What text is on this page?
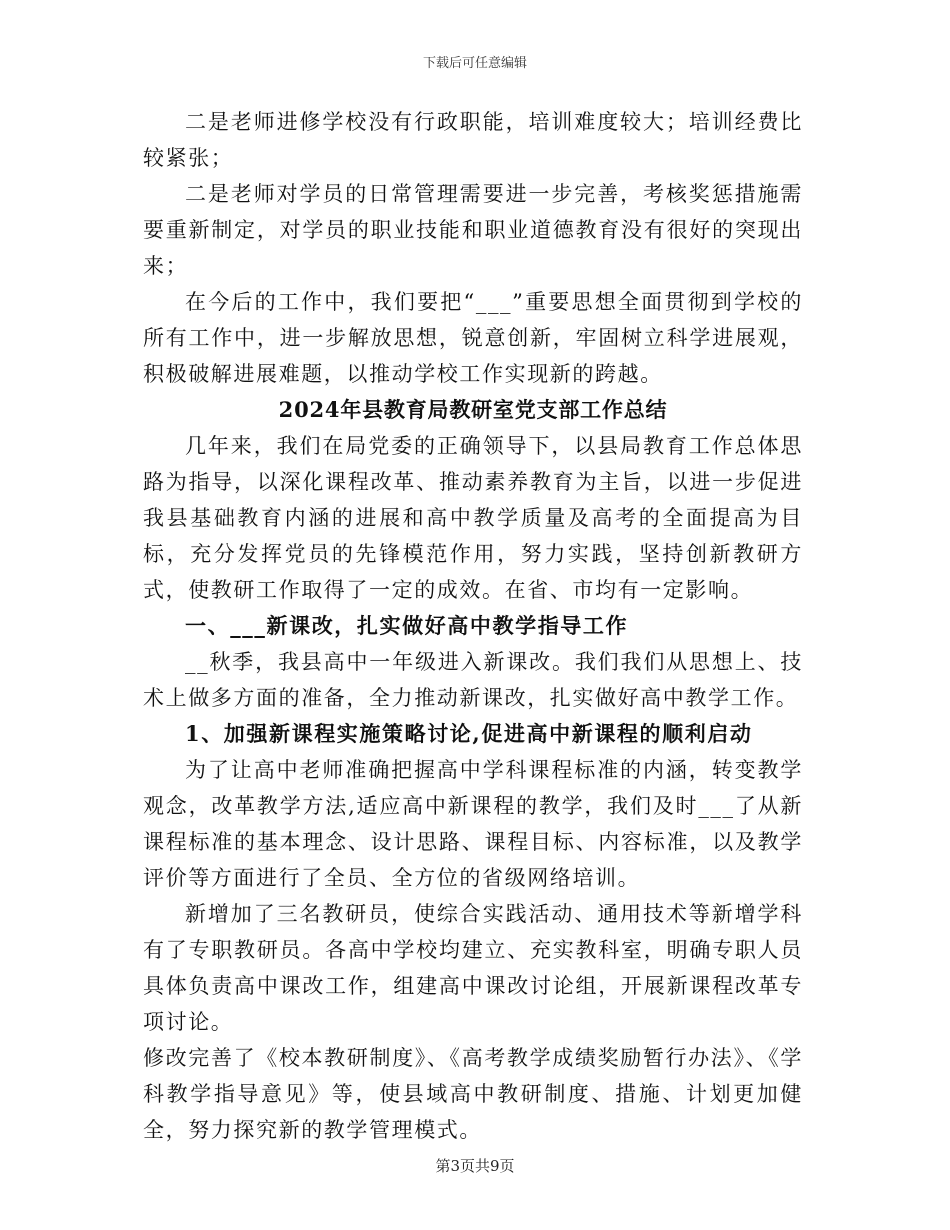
下载后可任意编辑

二是老师进修学校没有行政职能，培训难度较大；培训经费比较紧张；

二是老师对学员的日常管理需要进一步完善，考核奖惩措施需要重新制定，对学员的职业技能和职业道德教育没有很好的突现出来；

在今后的工作中，我们要把“___”重要思想全面贯彻到学校的所有工作中，进一步解放思想，锐意创新，牢固树立科学进展观，积极破解进展难题，以推动学校工作实现新的跨越。

2024年县教育局教研室党支部工作总结

几年来，我们在局党委的正确领导下，以县局教育工作总体思路为指导，以深化课程改革、推动素养教育为主旨，以进一步促进我县基础教育内涵的进展和高中教学质量及高考的全面提高为目标，充分发挥党员的先锋模范作用，努力实践，坚持创新教研方式，使教研工作取得了一定的成效。在省、市均有一定影响。

一、___新课改，扎实做好高中教学指导工作

__秋季，我县高中一年级进入新课改。我们我们从思想上、技术上做多方面的准备，全力推动新课改，扎实做好高中教学工作。

1、加强新课程实施策略讨论,促进高中新课程的顺利启动

为了让高中老师准确把握高中学科课程标准的内涵，转变教学观念，改革教学方法,适应高中新课程的教学，我们及时___了从新课程标准的基本理念、设计思路、课程目标、内容标准，以及教学评价等方面进行了全员、全方位的省级网络培训。

新增加了三名教研员，使综合实践活动、通用技术等新增学科有了专职教研员。各高中学校均建立、充实教科室，明确专职人员具体负责高中课改工作，组建高中课改讨论组，开展新课程改革专项讨论。

修改完善了《校本教研制度》、《高考教学成绩奖励暂行办法》、《学科教学指导意见》等，使县域高中教研制度、措施、计划更加健全，努力探究新的教学管理模式。

第3页共9页
